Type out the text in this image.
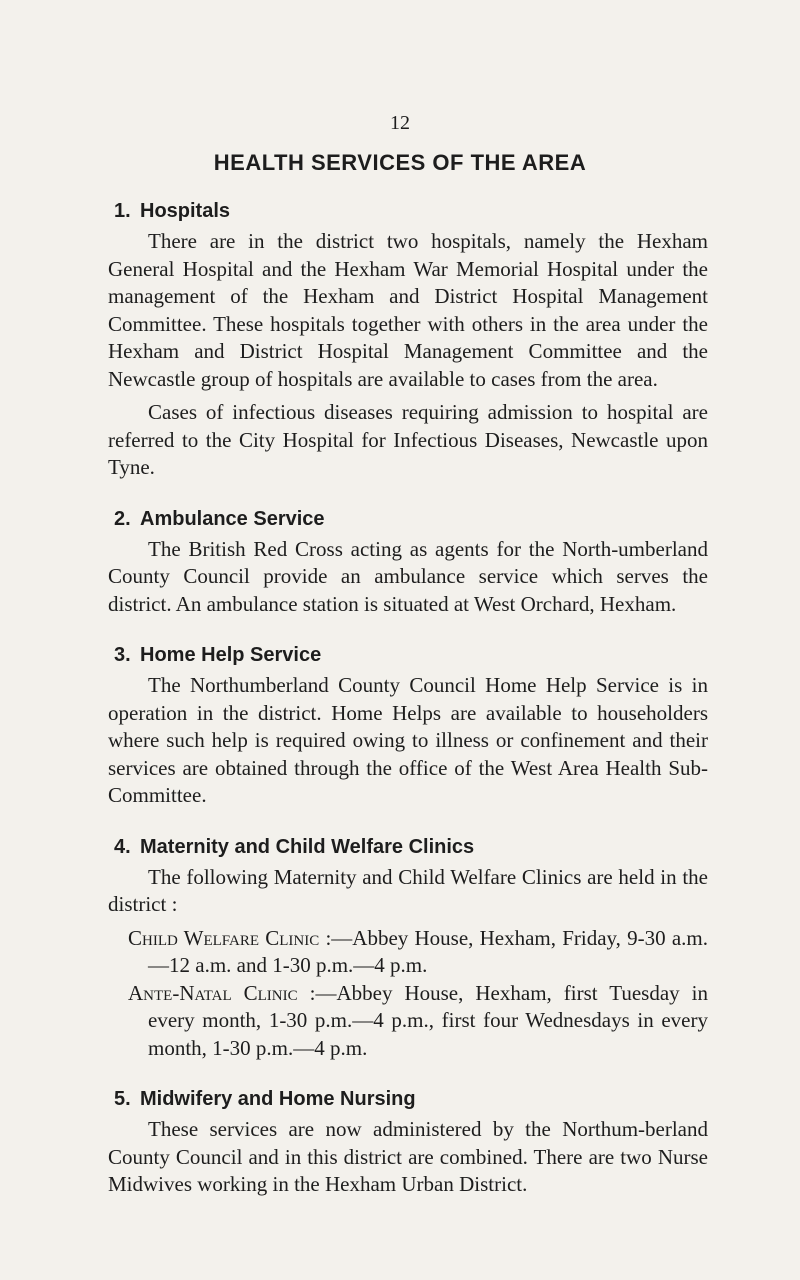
12
HEALTH SERVICES OF THE AREA
1. Hospitals

There are in the district two hospitals, namely the Hexham General Hospital and the Hexham War Memorial Hospital under the management of the Hexham and District Hospital Management Committee. These hospitals together with others in the area under the Hexham and District Hospital Management Committee and the Newcastle group of hospitals are available to cases from the area.

Cases of infectious diseases requiring admission to hospital are referred to the City Hospital for Infectious Diseases, Newcastle upon Tyne.

2. Ambulance Service

The British Red Cross acting as agents for the North-umberland County Council provide an ambulance service which serves the district. An ambulance station is situated at West Orchard, Hexham.

3. Home Help Service

The Northumberland County Council Home Help Service is in operation in the district. Home Helps are available to householders where such help is required owing to illness or confinement and their services are obtained through the office of the West Area Health Sub-Committee.

4. Maternity and Child Welfare Clinics

The following Maternity and Child Welfare Clinics are held in the district :

Child Welfare Clinic :—Abbey House, Hexham, Friday, 9-30 a.m.—12 a.m. and 1-30 p.m.—4 p.m.

Ante-Natal Clinic :—Abbey House, Hexham, first Tuesday in every month, 1-30 p.m.—4 p.m., first four Wednesdays in every month, 1-30 p.m.—4 p.m.

5. Midwifery and Home Nursing

These services are now administered by the Northum-berland County Council and in this district are combined. There are two Nurse Midwives working in the Hexham Urban District.
